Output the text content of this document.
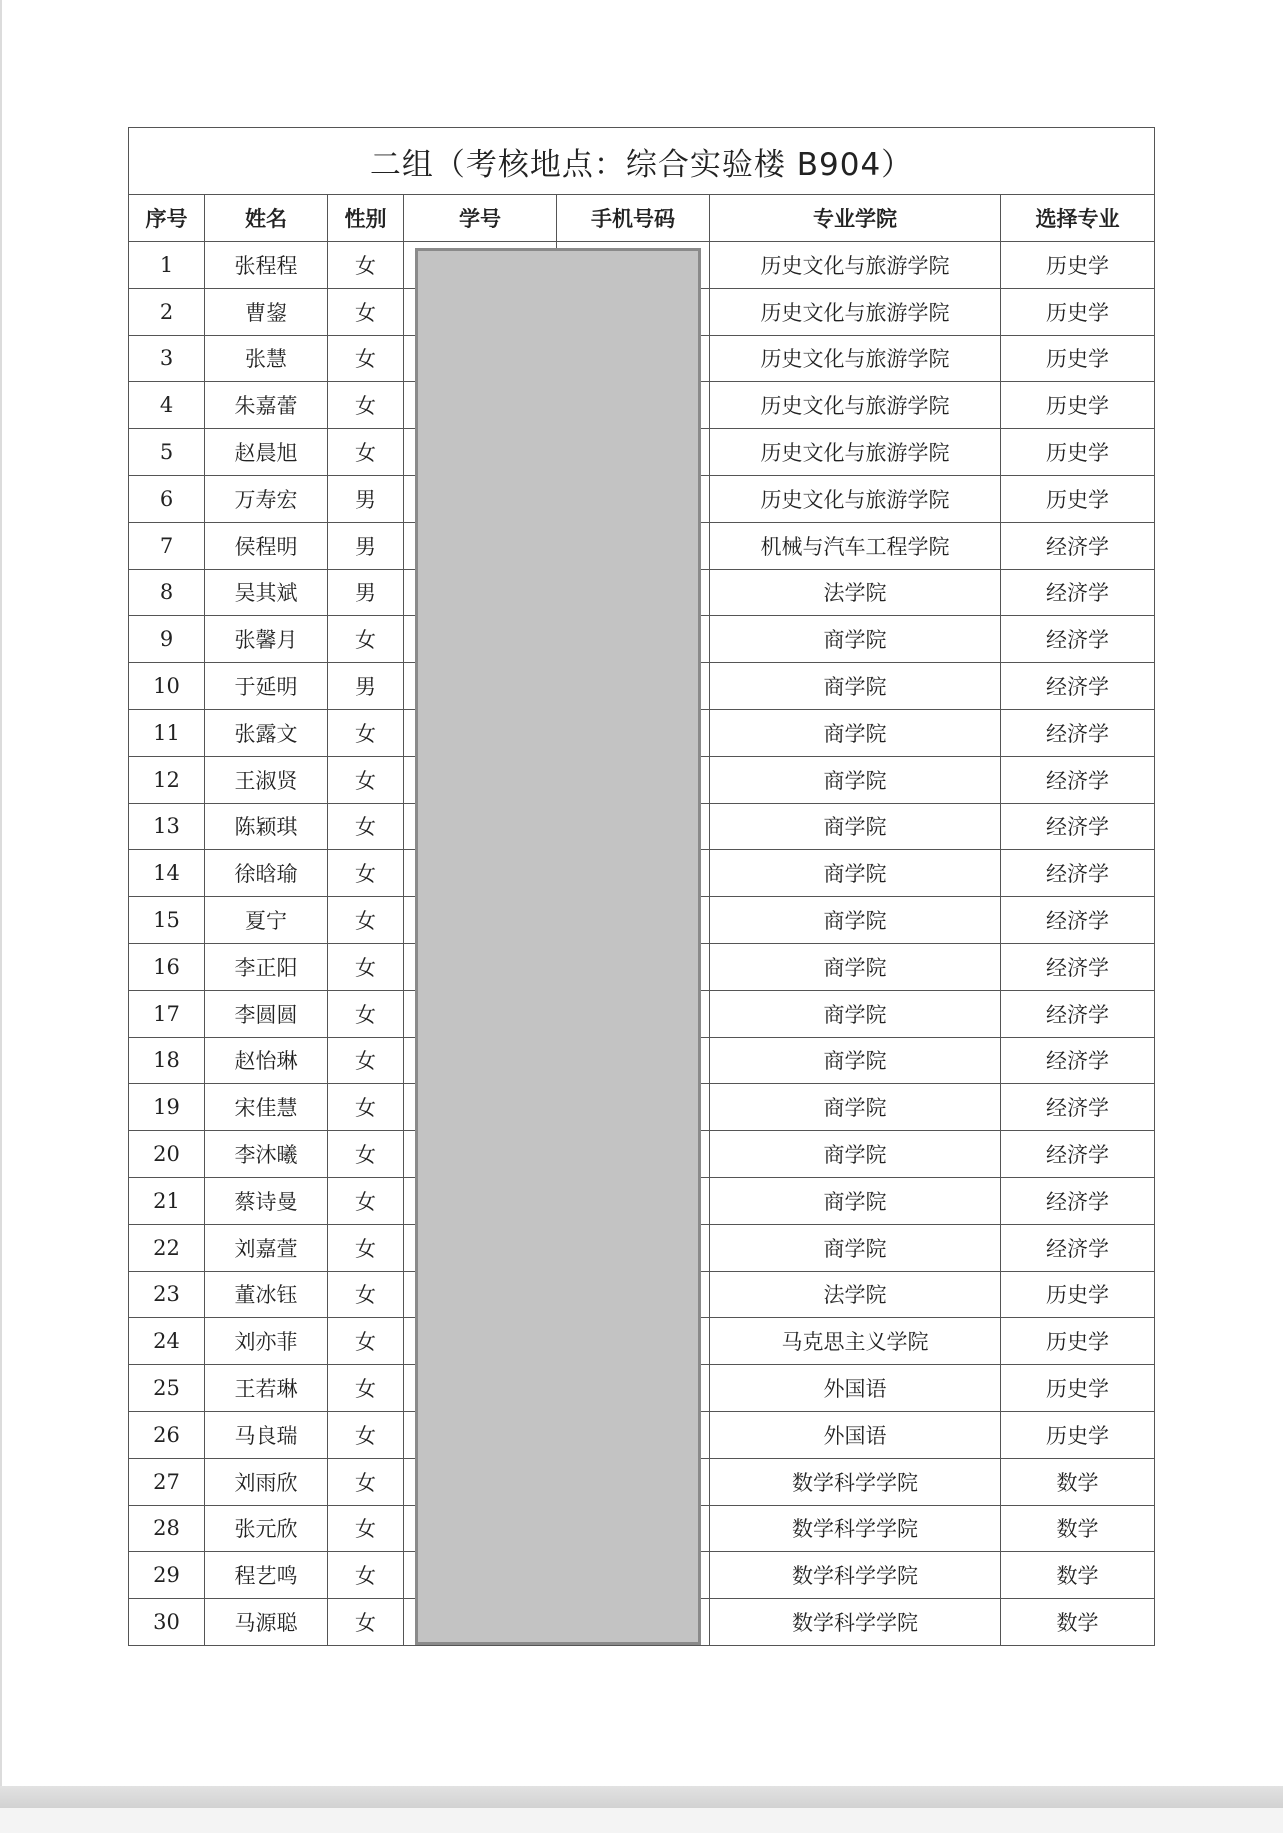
二组（考核地点：综合实验楼 B904）						
序号	姓名	性别	学号	手机号码	专业学院	选择专业
1	张程程	女			历史文化与旅游学院	历史学
2	曹鋆	女			历史文化与旅游学院	历史学
3	张慧	女			历史文化与旅游学院	历史学
4	朱嘉蕾	女			历史文化与旅游学院	历史学
5	赵晨旭	女			历史文化与旅游学院	历史学
6	万寿宏	男			历史文化与旅游学院	历史学
7	侯程明	男			机械与汽车工程学院	经济学
8	吴其斌	男			法学院	经济学
9	张馨月	女			商学院	经济学
10	于延明	男			商学院	经济学
11	张露文	女			商学院	经济学
12	王淑贤	女			商学院	经济学
13	陈颖琪	女			商学院	经济学
14	徐晗瑜	女			商学院	经济学
15	夏宁	女			商学院	经济学
16	李正阳	女			商学院	经济学
17	李圆圆	女			商学院	经济学
18	赵怡琳	女			商学院	经济学
19	宋佳慧	女			商学院	经济学
20	李沐曦	女			商学院	经济学
21	蔡诗曼	女			商学院	经济学
22	刘嘉萱	女			商学院	经济学
23	董冰钰	女			法学院	历史学
24	刘亦菲	女			马克思主义学院	历史学
25	王若琳	女			外国语	历史学
26	马良瑞	女			外国语	历史学
27	刘雨欣	女			数学科学学院	数学
28	张元欣	女			数学科学学院	数学
29	程艺鸣	女			数学科学学院	数学
30	马源聪	女			数学科学学院	数学
